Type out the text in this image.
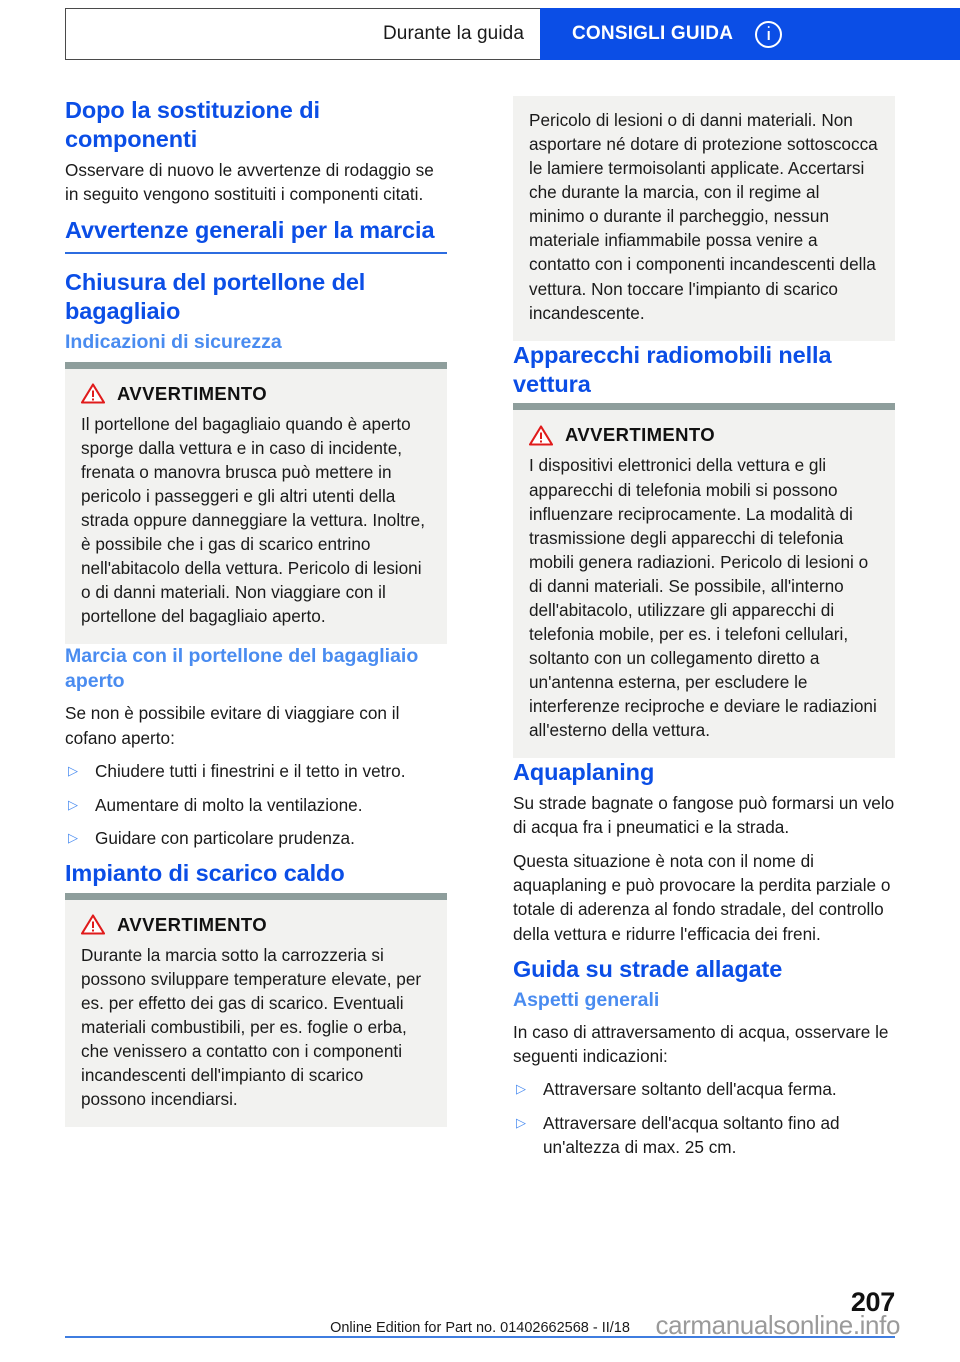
Durante la guida	CONSIGLI GUIDA
Dopo la sostituzione di componenti

Osservare di nuovo le avvertenze di rodaggio se in seguito vengono sostituiti i componenti citati.

Avvertenze generali per la marcia
Chiusura del portellone del bagagliaio
Indicazioni di sicurezza
AVVERTIMENTO

Il portellone del bagagliaio quando è aperto sporge dalla vettura e in caso di incidente, frenata o manovra brusca può mettere in pericolo i passeggeri e gli altri utenti della strada oppure danneggiare la vettura. Inoltre, è possibile che i gas di scarico entrino nell'abitacolo della vettura. Pericolo di lesioni o di danni materiali. Non viaggiare con il portellone del bagagliaio aperto.

Marcia con il portellone del bagagliaio aperto

Se non è possibile evitare di viaggiare con il cofano aperto:

▷ Chiudere tutti i finestrini e il tetto in vetro.
▷ Aumentare di molto la ventilazione.
▷ Guidare con particolare prudenza.
Impianto di scarico caldo
AVVERTIMENTO

Durante la marcia sotto la carrozzeria si possono sviluppare temperature elevate, per es. per effetto dei gas di scarico. Eventuali materiali combustibili, per es. foglie o erba, che venissero a contatto con i componenti incandescenti dell'impianto di scarico possono incendiarsi.

Pericolo di lesioni o di danni materiali. Non asportare né dotare di protezione sottoscocca le lamiere termoisolanti applicate. Accertarsi che durante la marcia, con il regime al minimo o durante il parcheggio, nessun materiale infiammabile possa venire a contatto con i componenti incandescenti della vettura. Non toccare l'impianto di scarico incandescente.

Apparecchi radiomobili nella vettura
AVVERTIMENTO

I dispositivi elettronici della vettura e gli apparecchi di telefonia mobili si possono influenzare reciprocamente. La modalità di trasmissione degli apparecchi di telefonia mobili genera radiazioni. Pericolo di lesioni o di danni materiali. Se possibile, all'interno dell'abitacolo, utilizzare gli apparecchi di telefonia mobile, per es. i telefoni cellulari, soltanto con un collegamento diretto a un'antenna esterna, per escludere le interferenze reciproche e deviare le radiazioni all'esterno della vettura.

Aquaplaning

Su strade bagnate o fangose può formarsi un velo di acqua fra i pneumatici e la strada.

Questa situazione è nota con il nome di aquaplaning e può provocare la perdita parziale o totale di aderenza al fondo stradale, del controllo della vettura e ridurre l'efficacia dei freni.

Guida su strade allagate
Aspetti generali

In caso di attraversamento di acqua, osservare le seguenti indicazioni:

▷ Attraversare soltanto dell'acqua ferma.
▷ Attraversare dell'acqua soltanto fino ad un'altezza di max. 25 cm.
207
Online Edition for Part no. 01402662568 - II/18 carmanualsonline.info
